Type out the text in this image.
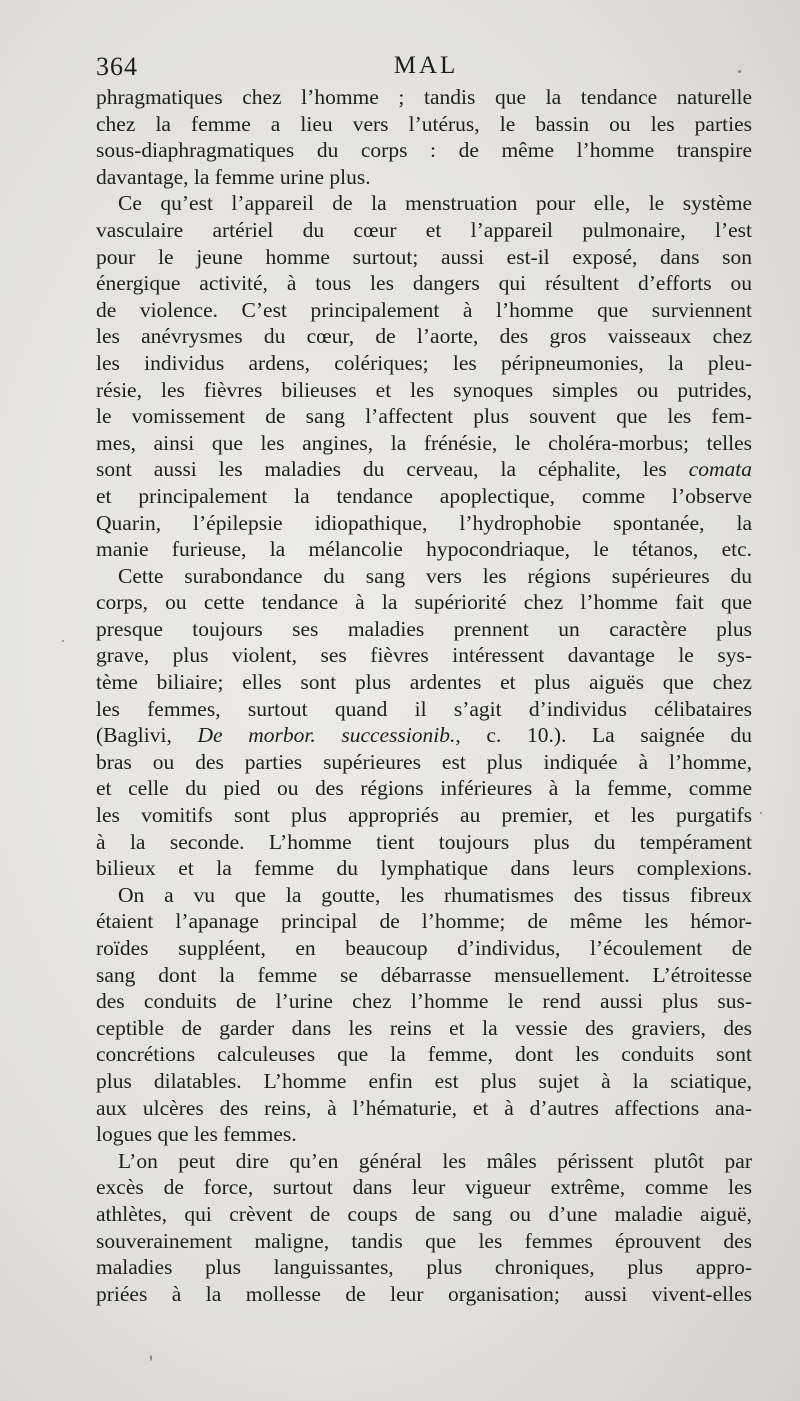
364	MAL
phragmatiques chez l’homme ; tandis que la tendance naturelle
chez la femme a lieu vers l’utérus, le bassin ou les parties
sous-diaphragmatiques du corps : de même l’homme transpire
davantage, la femme urine plus.
Ce qu’est l’appareil de la menstruation pour elle, le système
vasculaire artériel du cœur et l’appareil pulmonaire, l’est
pour le jeune homme surtout; aussi est-il exposé, dans son
énergique activité, à tous les dangers qui résultent d’efforts ou
de violence. C’est principalement à l’homme que surviennent
les anévrysmes du cœur, de l’aorte, des gros vaisseaux chez
les individus ardens, colériques; les péripneumonies, la pleu-
résie, les fièvres bilieuses et les synoques simples ou putrides,
le vomissement de sang l’affectent plus souvent que les fem-
mes, ainsi que les angines, la frénésie, le choléra-morbus; telles
sont aussi les maladies du cerveau, la céphalite, les comata
et principalement la tendance apoplectique, comme l’observe
Quarin, l’épilepsie idiopathique, l’hydrophobie spontanée, la
manie furieuse, la mélancolie hypocondriaque, le tétanos, etc.
Cette surabondance du sang vers les régions supérieures du
corps, ou cette tendance à la supériorité chez l’homme fait que
presque toujours ses maladies prennent un caractère plus
grave, plus violent, ses fièvres intéressent davantage le sys-
tème biliaire; elles sont plus ardentes et plus aiguës que chez
les femmes, surtout quand il s’agit d’individus célibataires
(Baglivi, De morbor. successionib., c. 10.). La saignée du
bras ou des parties supérieures est plus indiquée à l’homme,
et celle du pied ou des régions inférieures à la femme, comme
les vomitifs sont plus appropriés au premier, et les purgatifs
à la seconde. L’homme tient toujours plus du tempérament
bilieux et la femme du lymphatique dans leurs complexions.
On a vu que la goutte, les rhumatismes des tissus fibreux
étaient l’apanage principal de l’homme; de même les hémor-
roïdes suppléent, en beaucoup d’individus, l’écoulement de
sang dont la femme se débarrasse mensuellement. L’étroitesse
des conduits de l’urine chez l’homme le rend aussi plus sus-
ceptible de garder dans les reins et la vessie des graviers, des
concrétions calculeuses que la femme, dont les conduits sont
plus dilatables. L’homme enfin est plus sujet à la sciatique,
aux ulcères des reins, à l’hématurie, et à d’autres affections ana-
logues que les femmes.
L’on peut dire qu’en général les mâles périssent plutôt par
excès de force, surtout dans leur vigueur extrême, comme les
athlètes, qui crèvent de coups de sang ou d’une maladie aiguë,
souverainement maligne, tandis que les femmes éprouvent des
maladies plus languissantes, plus chroniques, plus appro-
priées à la mollesse de leur organisation; aussi vivent-elles
